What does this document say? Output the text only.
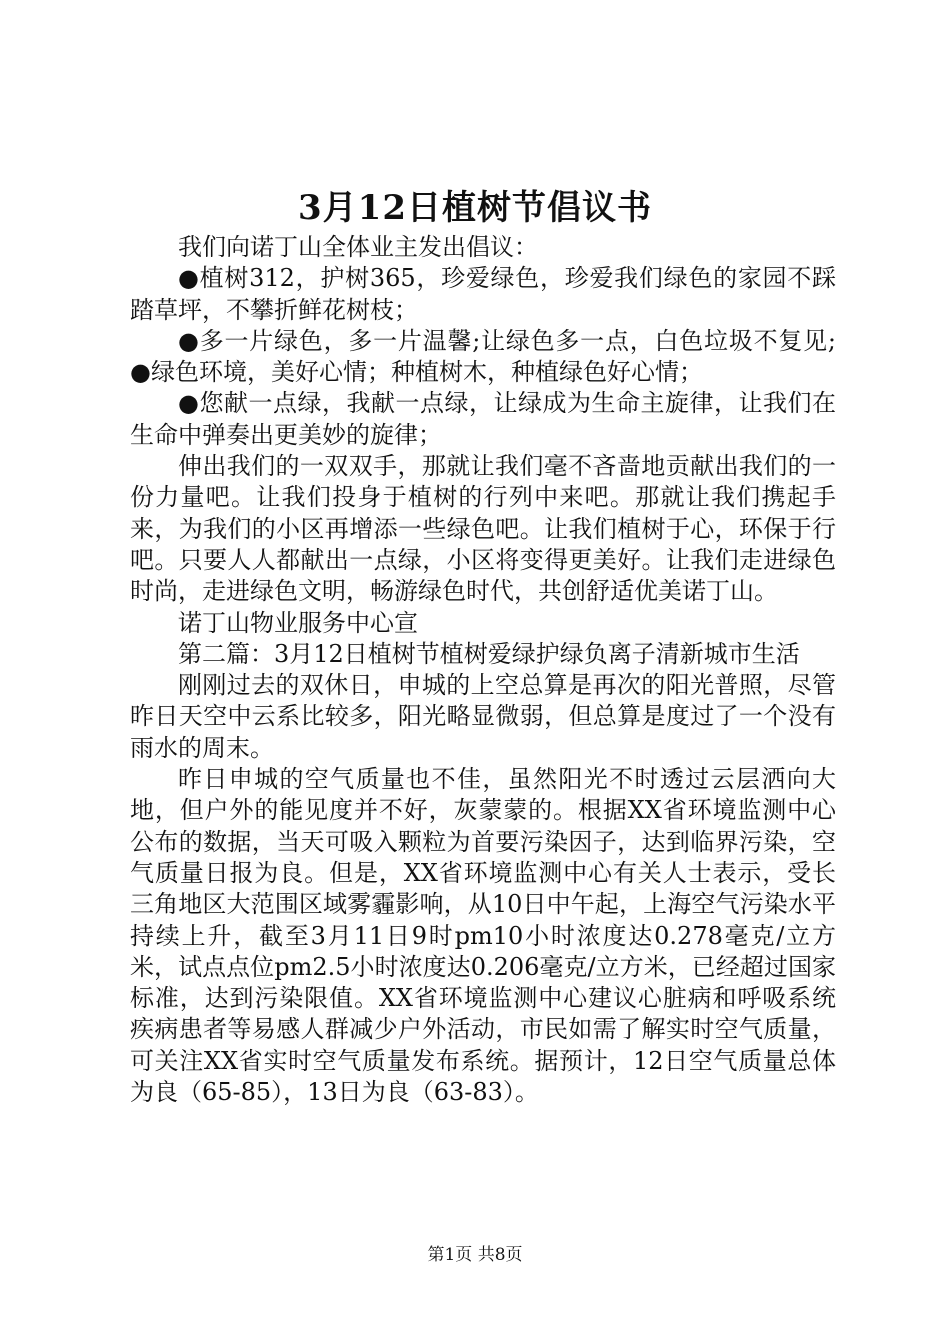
3月12日植树节倡议书

我们向诺丁山全体业主发出倡议：

●植树312，护树365，珍爱绿色，珍爱我们绿色的家园不踩踏草坪，不攀折鲜花树枝；

●多一片绿色，多一片温馨;让绿色多一点，白色垃圾不复见;●绿色环境，美好心情；种植树木，种植绿色好心情；

●您献一点绿，我献一点绿，让绿成为生命主旋律，让我们在生命中弹奏出更美妙的旋律；

伸出我们的一双双手，那就让我们毫不吝啬地贡献出我们的一份力量吧。让我们投身于植树的行列中来吧。那就让我们携起手来，为我们的小区再增添一些绿色吧。让我们植树于心，环保于行吧。只要人人都献出一点绿，小区将变得更美好。让我们走进绿色时尚，走进绿色文明，畅游绿色时代，共创舒适优美诺丁山。

诺丁山物业服务中心宣

第二篇：3月12日植树节植树爱绿护绿负离子清新城市生活

刚刚过去的双休日，申城的上空总算是再次的阳光普照，尽管昨日天空中云系比较多，阳光略显微弱，但总算是度过了一个没有雨水的周末。

昨日申城的空气质量也不佳，虽然阳光不时透过云层洒向大地，但户外的能见度并不好，灰蒙蒙的。根据XX省环境监测中心公布的数据，当天可吸入颗粒为首要污染因子，达到临界污染，空气质量日报为良。但是，XX省环境监测中心有关人士表示，受长三角地区大范围区域雾霾影响，从10日中午起，上海空气污染水平持续上升，截至3月11日9时pm10小时浓度达0.278毫克/立方米，试点点位pm2.5小时浓度达0.206毫克/立方米，已经超过国家标准，达到污染限值。XX省环境监测中心建议心脏病和呼吸系统疾病患者等易感人群减少户外活动，市民如需了解实时空气质量，可关注XX省实时空气质量发布系统。据预计，12日空气质量总体为良（65-85），13日为良（63-83）。

第1页 共8页
